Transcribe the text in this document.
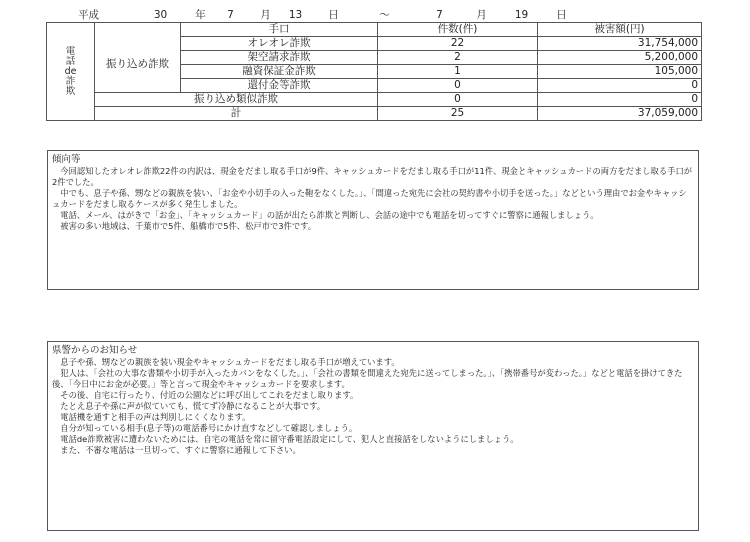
平成 30 年 7 月 13 日 ～ 7 月 19 日				

電
話
de
詐
欺		手口	件数(件)	被害額(円)
	振り込め詐欺	オレオレ詐欺	22	31,754,000
		架空請求詐欺	2	5,200,000
		融資保証金詐欺	1	105,000
		還付金等詐欺	0	0
	振り込め類似詐欺		0	0
	計		25	37,059,000
傾向等

　今回認知したオレオレ詐欺22件の内訳は、現金をだまし取る手口が9件、キャッシュカードをだまし取る手口が11件、現金とキャッシュカードの両方をだまし取る手口が2件でした。

　中でも、息子や孫、甥などの親族を装い、「お金や小切手の入った鞄をなくした。」、「間違った宛先に会社の契約書や小切手を送った。」などという理由でお金やキャッシュカードをだまし取るケースが多く発生しました。

　電話、メール、はがきで「お金」、「キャッシュカード」の話が出たら詐欺と判断し、会話の途中でも電話を切ってすぐに警察に通報しましょう。

　被害の多い地域は、千葉市で5件、船橋市で5件、松戸市で3件です。

県警からのお知らせ

　息子や孫、甥などの親族を装い現金やキャッシュカードをだまし取る手口が増えています。

　犯人は、「会社の大事な書類や小切手が入ったカバンをなくした。」、「会社の書類を間違えた宛先に送ってしまった。」、「携帯番号が変わった。」などと電話を掛けてきた後、「今日中にお金が必要。」等と言って現金やキャッシュカードを要求します。

　その後、自宅に行ったり、付近の公園などに呼び出してこれをだまし取ります。

　たとえ息子や孫に声が似ていても、慌てず冷静になることが大事です。

　電話機を通すと相手の声は判別しにくくなります。

　自分が知っている相手(息子等)の電話番号にかけ直すなどして確認しましょう。

　電話de詐欺被害に遭わないためには、自宅の電話を常に留守番電話設定にして、犯人と直接話をしないようにしましょう。

　また、不審な電話は一旦切って、すぐに警察に通報して下さい。
